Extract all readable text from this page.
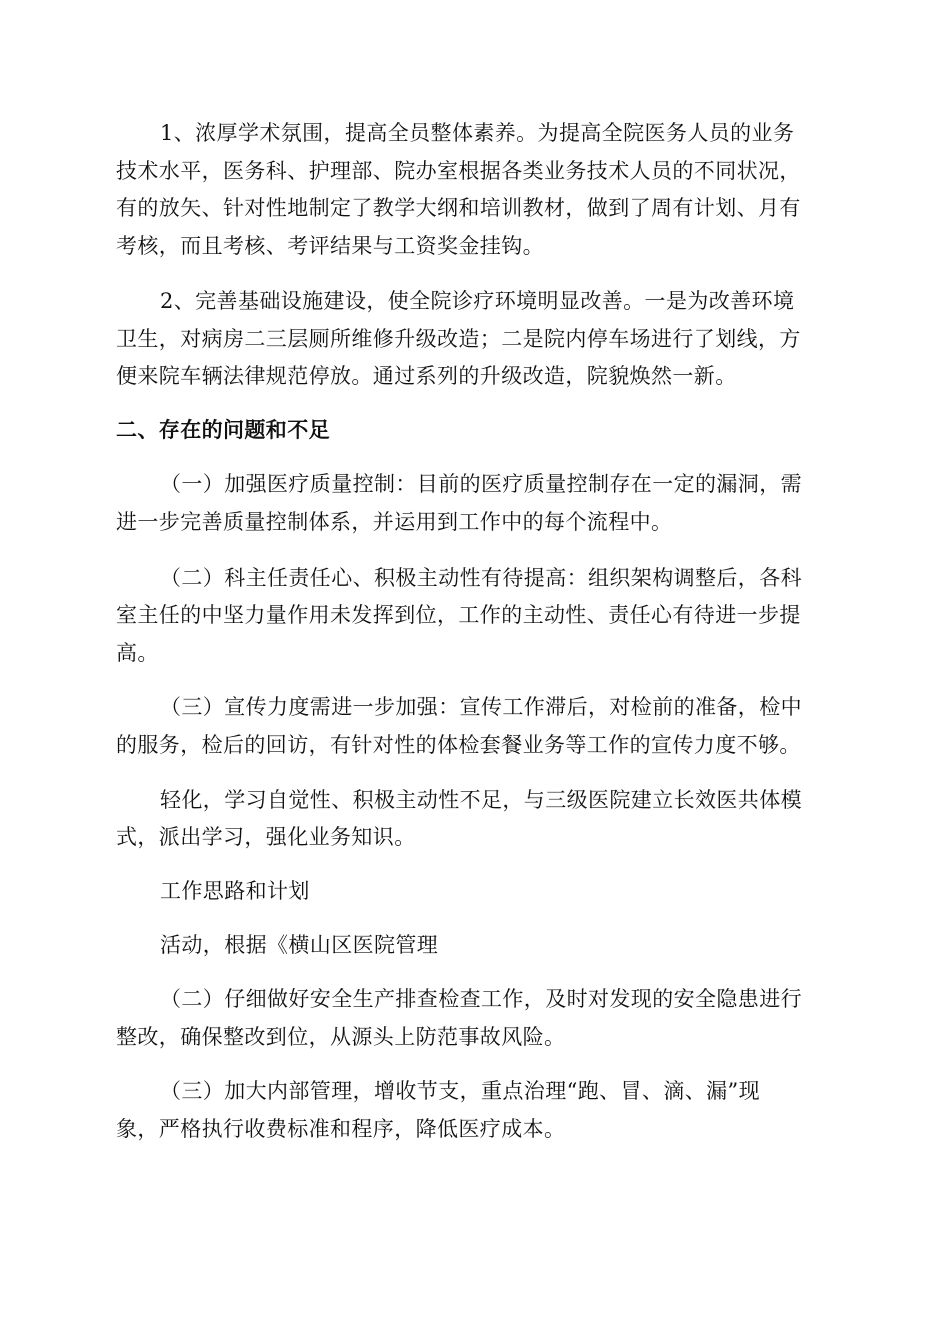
1、浓厚学术氛围，提高全员整体素养。为提高全院医务人员的业务
技术水平，医务科、护理部、院办室根据各类业务技术人员的不同状况，
有的放矢、针对性地制定了教学大纲和培训教材，做到了周有计划、月有
考核，而且考核、考评结果与工资奖金挂钩。
2、完善基础设施建设，使全院诊疗环境明显改善。一是为改善环境
卫生，对病房二三层厕所维修升级改造；二是院内停车场进行了划线，方
便来院车辆法律规范停放。通过系列的升级改造，院貌焕然一新。
二、存在的问题和不足
（一）加强医疗质量控制：目前的医疗质量控制存在一定的漏洞，需
进一步完善质量控制体系，并运用到工作中的每个流程中。
（二）科主任责任心、积极主动性有待提高：组织架构调整后，各科
室主任的中坚力量作用未发挥到位，工作的主动性、责任心有待进一步提
高。
（三）宣传力度需进一步加强：宣传工作滞后，对检前的准备，检中
的服务，检后的回访，有针对性的体检套餐业务等工作的宣传力度不够。
轻化，学习自觉性、积极主动性不足，与三级医院建立长效医共体模
式，派出学习，强化业务知识。
工作思路和计划
活动，根据《横山区医院管理
（二）仔细做好安全生产排查检查工作，及时对发现的安全隐患进行
整改，确保整改到位，从源头上防范事故风险。
（三）加大内部管理，增收节支，重点治理“跑、冒、滴、漏”现
象，严格执行收费标准和程序，降低医疗成本。
